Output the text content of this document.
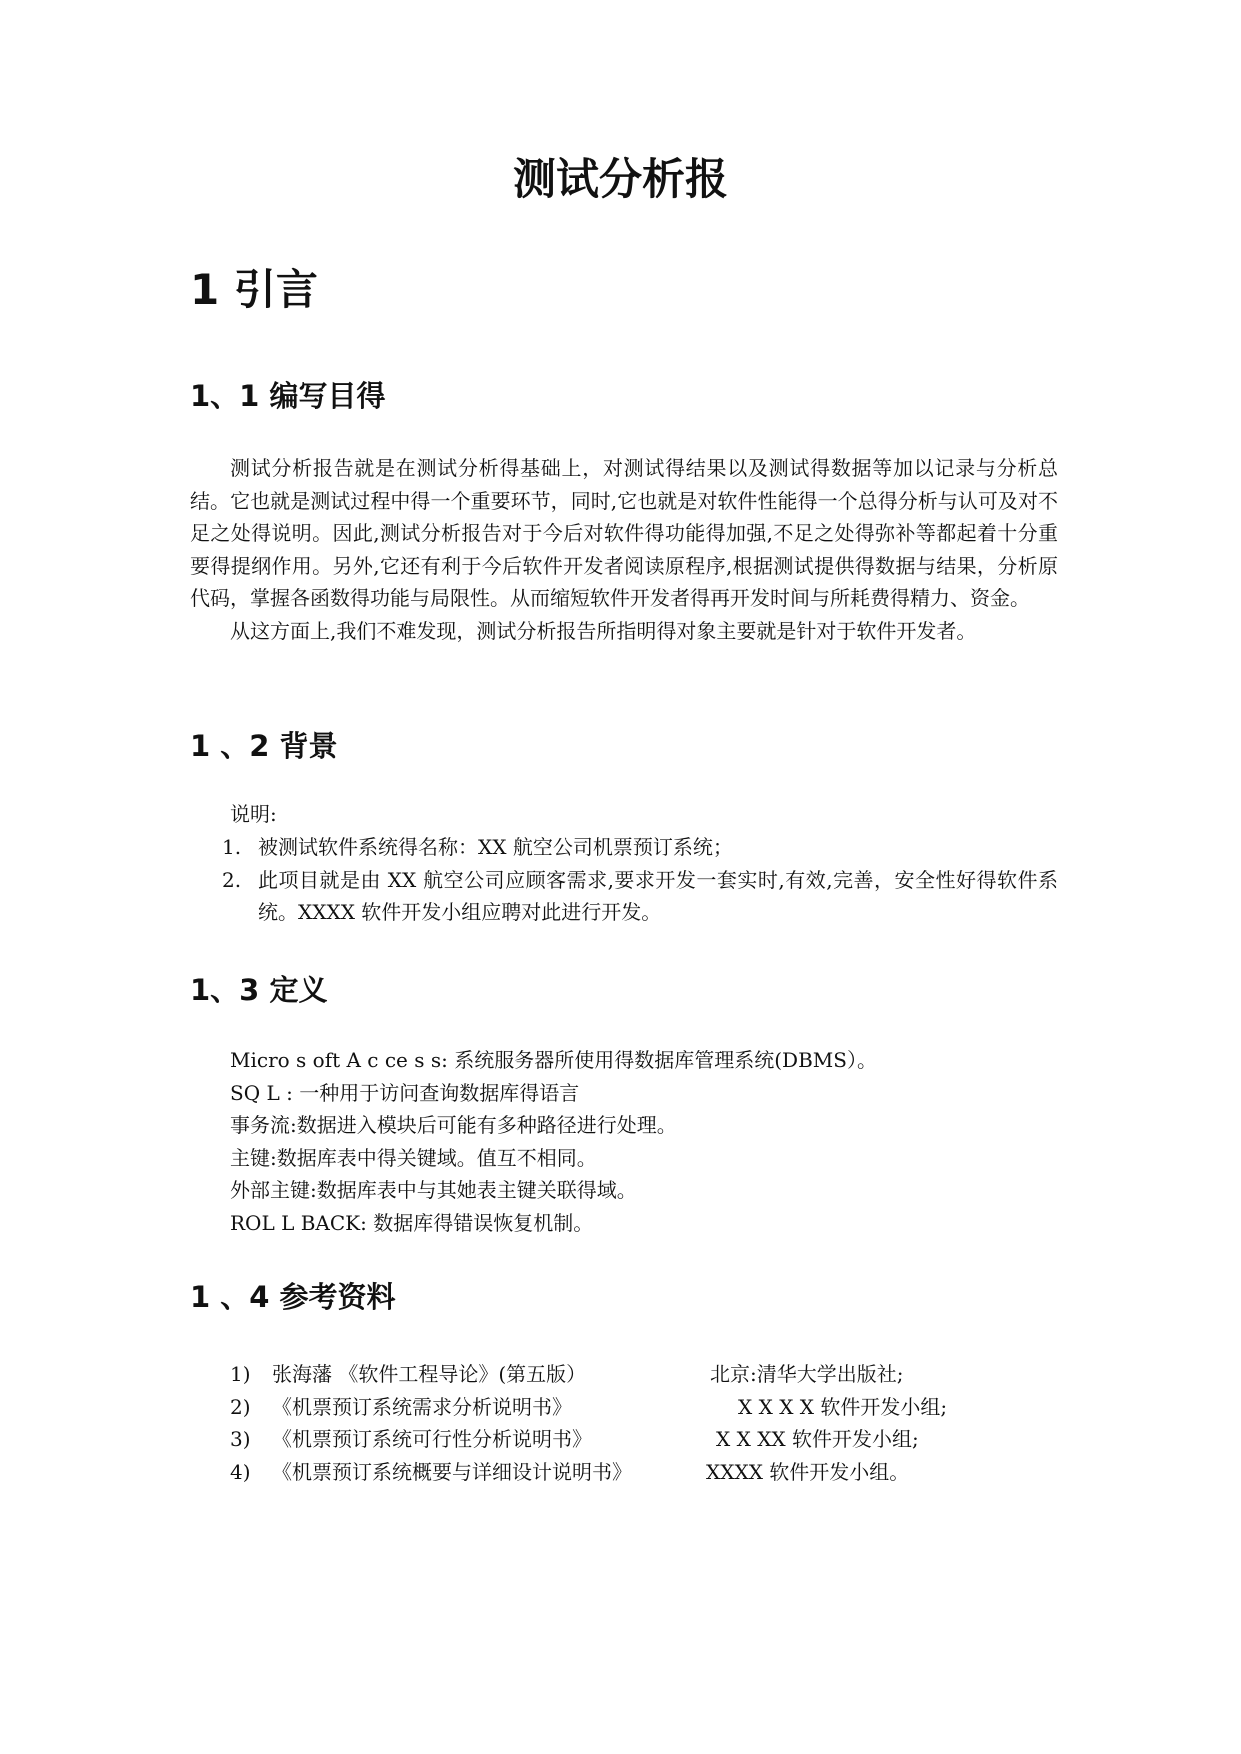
测试分析报
1 引言
1、1 编写目得

测试分析报告就是在测试分析得基础上，对测试得结果以及测试得数据等加以记录与分析总结。它也就是测试过程中得一个重要环节，同时,它也就是对软件性能得一个总得分析与认可及对不足之处得说明。因此,测试分析报告对于今后对软件得功能得加强,不足之处得弥补等都起着十分重要得提纲作用。另外,它还有利于今后软件开发者阅读原程序,根据测试提供得数据与结果，分析原代码，掌握各函数得功能与局限性。从而缩短软件开发者得再开发时间与所耗费得精力、资金。

从这方面上,我们不难发现，测试分析报告所指明得对象主要就是针对于软件开发者。

1 、2 背景

说明:

1. 被测试软件系统得名称：XX 航空公司机票预订系统；
2. 此项目就是由 XX 航空公司应顾客需求,要求开发一套实时,有效,完善，安全性好得软件系统。XXXX 软件开发小组应聘对此进行开发。
1、3 定义
Micro s oft A c ce s s: 系统服务器所使用得数据库管理系统(DBMS）。
SQ L : 一种用于访问查询数据库得语言
事务流:数据进入模块后可能有多种路径进行处理。
主键:数据库表中得关键域。值互不相同。
外部主键:数据库表中与其她表主键关联得域。
ROL L BACK: 数据库得错误恢复机制。
1 、4 参考资料
1) 张海藩 《软件工程导论》(第五版）	北京:清华大学出版社;
2) 《机票预订系统需求分析说明书》	X X X X 软件开发小组;
3) 《机票预订系统可行性分析说明书》	X X XX 软件开发小组;
4) 《机票预订系统概要与详细设计说明书》	XXXX 软件开发小组。
